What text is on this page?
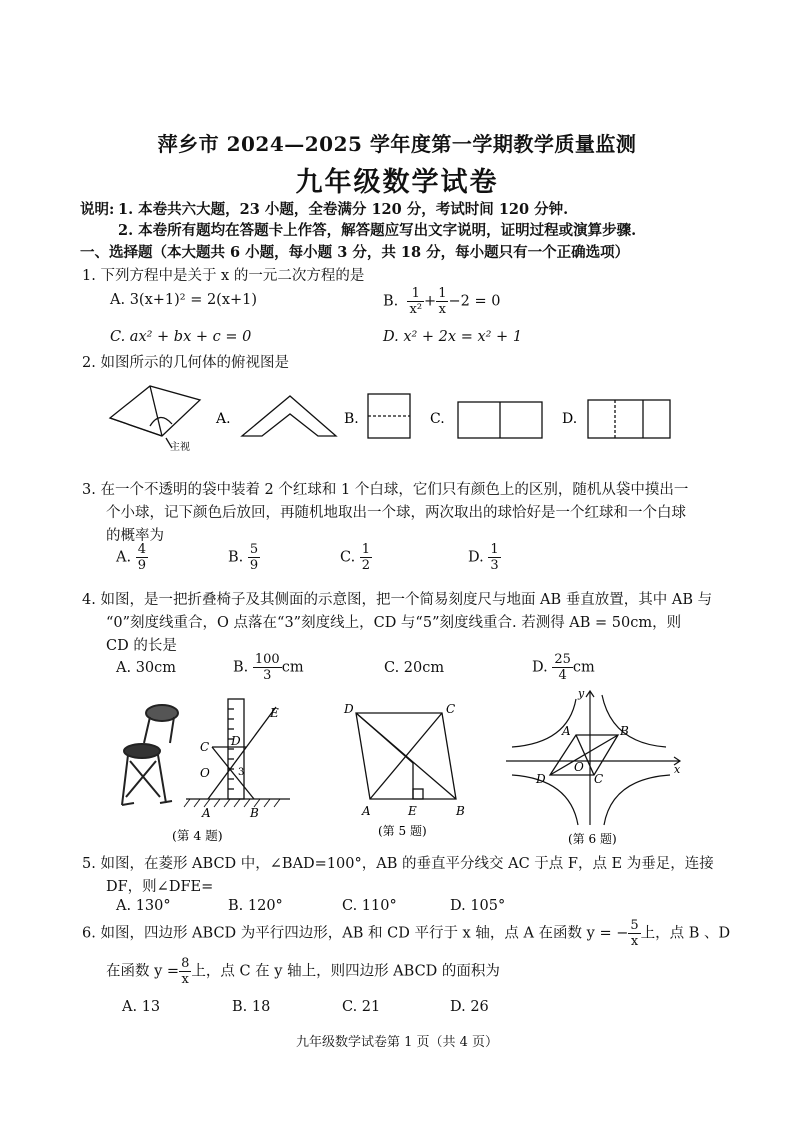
萍乡市 2024—2025 学年度第一学期教学质量监测
九年级数学试卷
说明: 1. 本卷共六大题，23 小题，全卷满分 120 分，考试时间 120 分钟.
2. 本卷所有题均在答题卡上作答，解答题应写出文字说明，证明过程或演算步骤.
一、选择题（本大题共 6 小题，每小题 3 分，共 18 分，每小题只有一个正确选项）
1. 下列方程中是关于 x 的一元二次方程的是
A. 3(x+1)² = 2(x+1)	B. $\frac{1}{\text{x²}} + \frac{1}{x} -2 = 0$
C. ax² + bx + c = 0	D. x² + 2x = x² + 1
2. 如图所示的几何体的俯视图是
主视
A.	B.	C.	D.
3. 在一个不透明的袋中装着 2 个红球和 1 个白球，它们只有颜色上的区别，随机从袋中摸出一
个小球，记下颜色后放回，再随机地取出一个球，两次取出的球恰好是一个红球和一个白球
的概率为
A. $\frac{4}{9}$	B. $\frac{5}{9}$	C. $\frac{1}{2}$	D. $\frac{1}{3}$
4. 如图，是一把折叠椅子及其侧面的示意图，把一个简易刻度尺与地面 AB 垂直放置，其中 AB 与
“0”刻度线重合，O 点落在“3”刻度线上，CD 与“5”刻度线重合. 若测得 AB = 50cm，则
CD 的长是
A. 30cm	B. $\frac{100}{3}$ cm	C. 20cm	D. $\frac{25}{4}$ cm
E
D
C
O	3
A	B
(第 4 题)
D	C
A	E	B
(第 5 题)
y
x
A	B
D
O
C
(第 6 题)
5. 如图，在菱形 ABCD 中，∠BAD=100°，AB 的垂直平分线交 AC 于点 F，点 E 为垂足，连接
DF，则∠DFE=
A. 130°	B. 120°	C. 110°	D. 105°
6. 如图，四边形 ABCD 为平行四边形，AB 和 CD 平行于 x 轴，点 A 在函数 y = − $\frac{5}{x}$ 上，点 B 、D
在函数 $y = \frac{8}{x}$ 上，点 C 在 y 轴上，则四边形 ABCD 的面积为
A. 13	B. 18	C. 21	D. 26
九年级数学试卷第 1 页（共 4 页）
